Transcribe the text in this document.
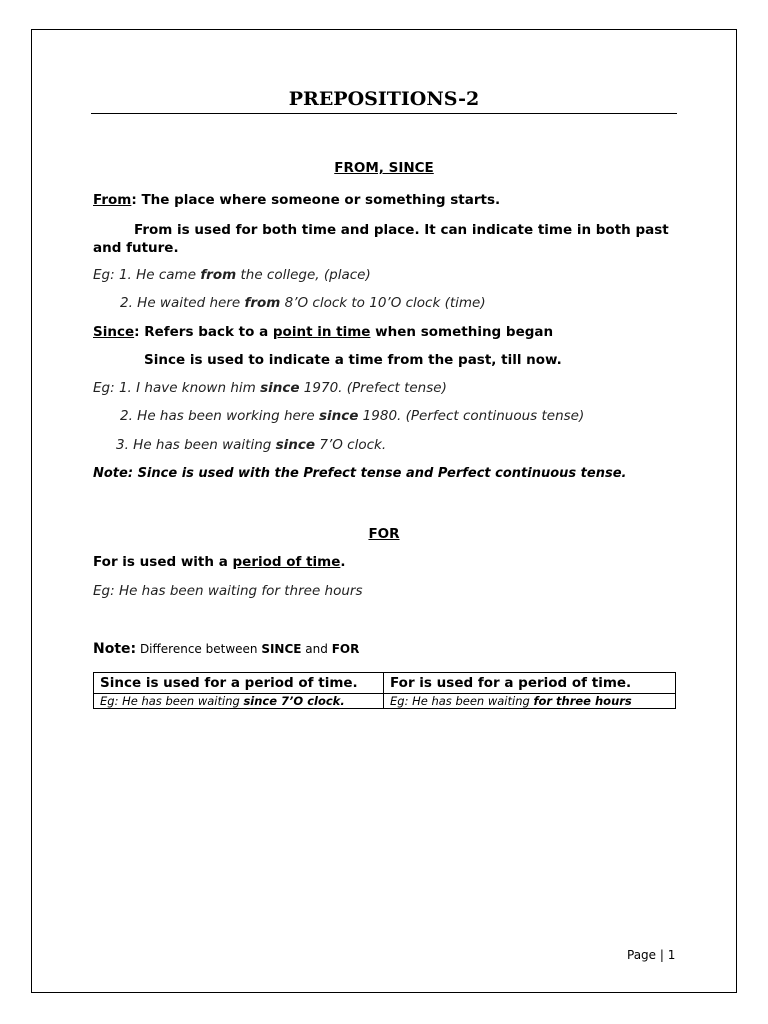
PREPOSITIONS-2
FROM, SINCE
From: The place where someone or something starts.
From is used for both time and place. It can indicate time in both past
and future.
Eg: 1. He came from the college, (place)
2. He waited here from 8’O clock to 10’O clock (time)
Since: Refers back to a point in time when something began
Since is used to indicate a time from the past, till now.
Eg: 1. I have known him since 1970. (Prefect tense)
2. He has been working here since 1980. (Perfect continuous tense)
3. He has been waiting since 7’O clock.
Note: Since is used with the Prefect tense and Perfect continuous tense.
FOR
For is used with a period of time.
Eg: He has been waiting for three hours
Note: Difference between SINCE and FOR
Since is used for a period of time.	For is used for a period of time.
Eg: He has been waiting since 7’O clock.	Eg: He has been waiting for three hours
Page | 1
